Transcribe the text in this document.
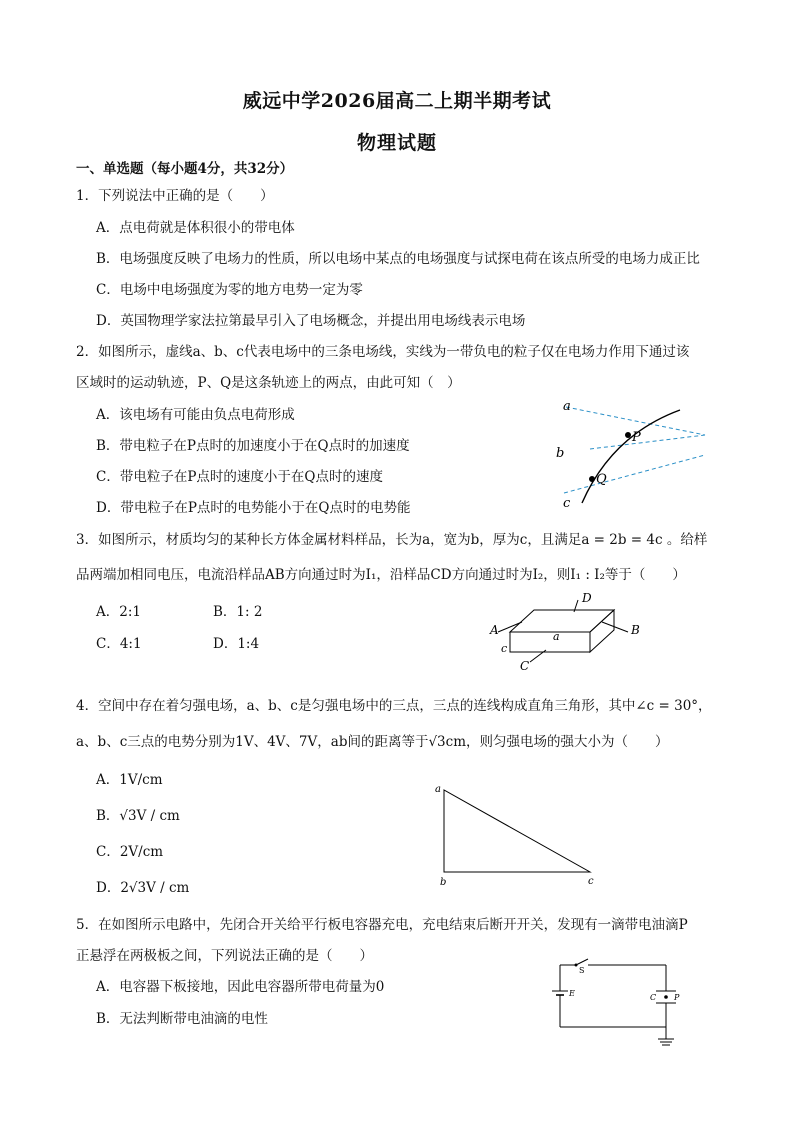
威远中学2026届高二上期半期考试
物理试题
一、单选题（每小题4分，共32分）
1．下列说法中正确的是（　　）
A．点电荷就是体积很小的带电体
B．电场强度反映了电场力的性质，所以电场中某点的电场强度与试探电荷在该点所受的电场力成正比
C．电场中电场强度为零的地方电势一定为零
D．英国物理学家法拉第最早引入了电场概念，并提出用电场线表示电场
2．如图所示，虚线a、b、c代表电场中的三条电场线，实线为一带负电的粒子仅在电场力作用下通过该
区域时的运动轨迹，P、Q是这条轨迹上的两点，由此可知（　）
A．该电场有可能由负点电荷形成
B．带电粒子在P点时的加速度小于在Q点时的加速度
C．带电粒子在P点时的速度小于在Q点时的速度
D．带电粒子在P点时的电势能小于在Q点时的电势能
a
b
c
P
Q
3．如图所示，材质均匀的某种长方体金属材料样品，长为a，宽为b，厚为c，且满足a = 2b = 4c 。给样
品两端加相同电压，电流沿样品AB方向通过时为I₁，沿样品CD方向通过时为I₂，则I₁ : I₂等于（　　）
A．2:1	B．1: 2
C．4:1	D．1:4
A	B
C
D
a
c
4．空间中存在着匀强电场，a、b、c是匀强电场中的三点，三点的连线构成直角三角形，其中∠c = 30°，
a、b、c三点的电势分别为1V、4V、7V，ab间的距离等于√3cm，则匀强电场的强大小为（　　）
A．1V/cm
B．√3V / cm
C．2V/cm
D．2√3V / cm
a
b	c
5．在如图所示电路中，先闭合开关给平行板电容器充电，充电结束后断开开关，发现有一滴带电油滴P
正悬浮在两极板之间，下列说法正确的是（　　）
A．电容器下板接地，因此电容器所带电荷量为0
B．无法判断带电油滴的电性
S
E	C P
